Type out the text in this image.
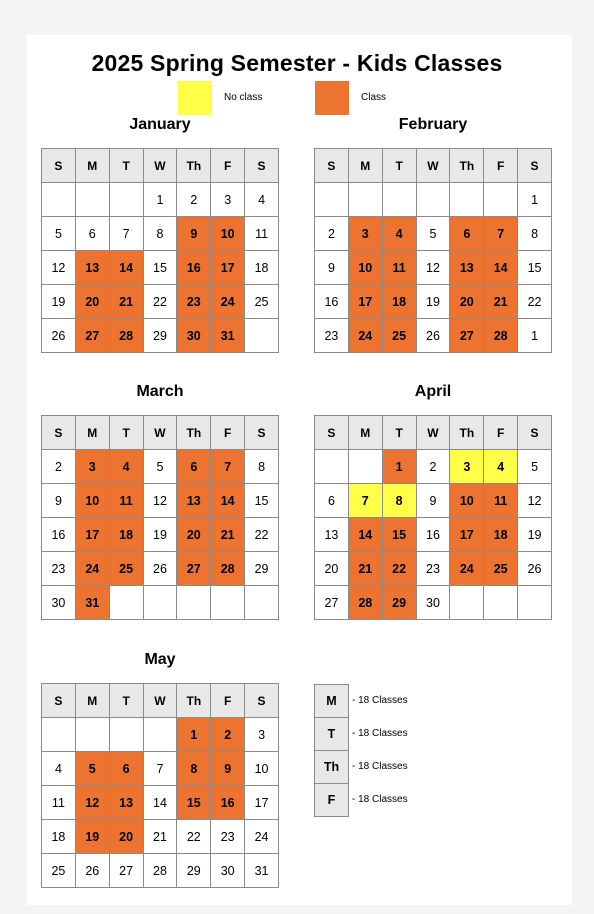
2025 Spring Semester - Kids Classes
No class	Class
January
S	M	T	W	Th	F	S
			1	2	3	4
5	6	7	8	9	10	11
12	13	14	15	16	17	18
19	20	21	22	23	24	25
26	27	28	29	30	31	
February
S	M	T	W	Th	F	S
						1
2	3	4	5	6	7	8
9	10	11	12	13	14	15
16	17	18	19	20	21	22
23	24	25	26	27	28	1
March
S	M	T	W	Th	F	S
2	3	4	5	6	7	8
9	10	11	12	13	14	15
16	17	18	19	20	21	22
23	24	25	26	27	28	29
30	31					
April
S	M	T	W	Th	F	S
		1	2	3	4	5
6	7	8	9	10	11	12
13	14	15	16	17	18	19
20	21	22	23	24	25	26
27	28	29	30			
May
S	M	T	W	Th	F	S
				1	2	3
4	5	6	7	8	9	10
11	12	13	14	15	16	17
18	19	20	21	22	23	24
25	26	27	28	29	30	31
M	- 18 Classes
T	- 18 Classes
Th	- 18 Classes
F	- 18 Classes
